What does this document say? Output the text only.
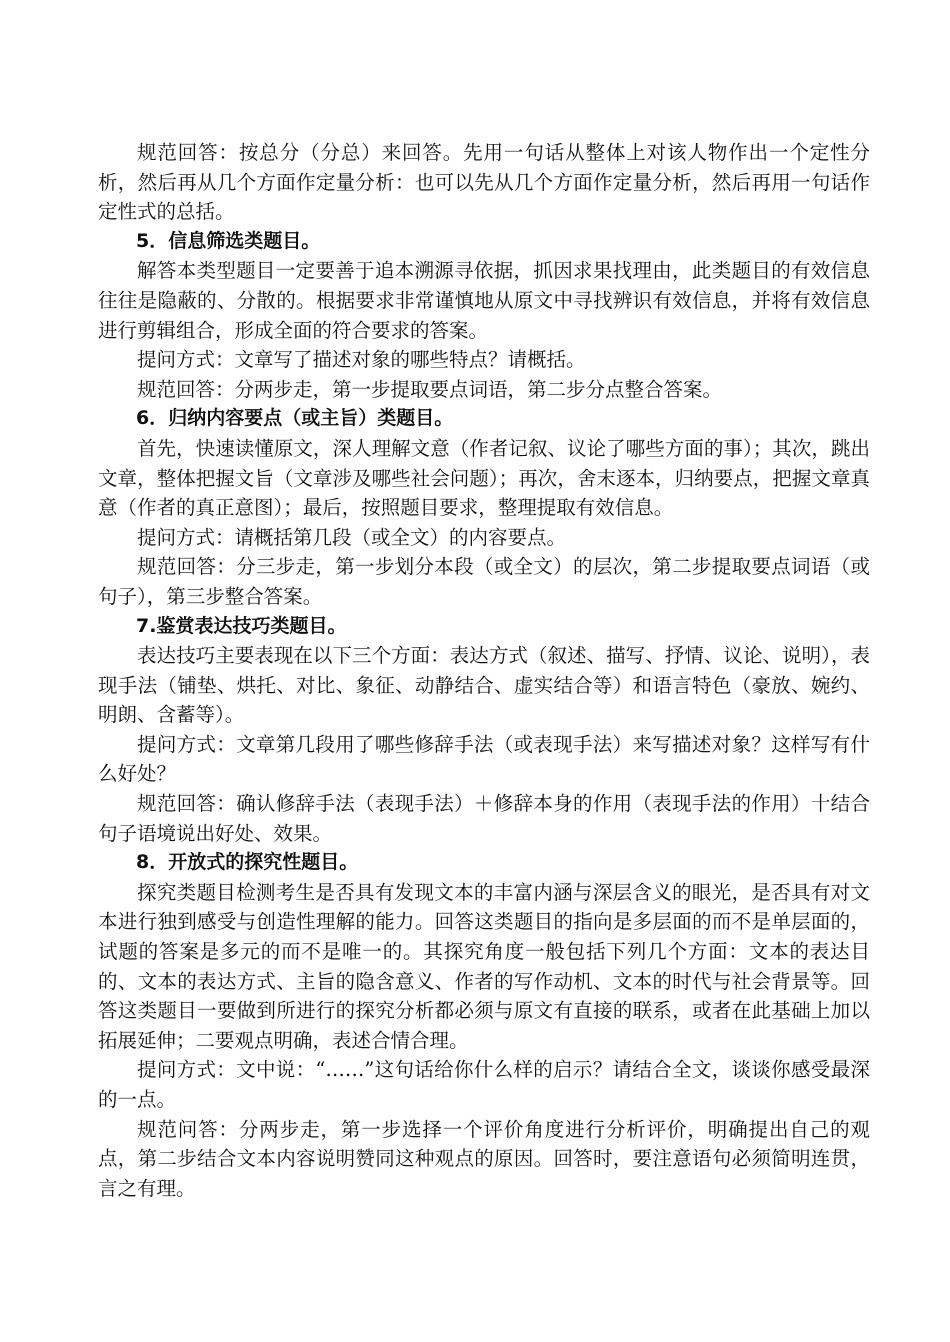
规范回答：按总分（分总）来回答。先用一句话从整体上对该人物作出一个定性分析，然后再从几个方面作定量分析：也可以先从几个方面作定量分析，然后再用一句话作定性式的总括。

5．信息筛选类题目。

解答本类型题目一定要善于追本溯源寻依据，抓因求果找理由，此类题目的有效信息往往是隐蔽的、分散的。根据要求非常谨慎地从原文中寻找辨识有效信息，并将有效信息进行剪辑组合，形成全面的符合要求的答案。

提问方式：文章写了描述对象的哪些特点？请概括。

规范回答：分两步走，第一步提取要点词语，第二步分点整合答案。

6．归纳内容要点（或主旨）类题目。

首先，快速读懂原文，深人理解文意（作者记叙、议论了哪些方面的事）；其次，跳出文章，整体把握文旨（文章涉及哪些社会问题）；再次，舍末逐本，归纳要点，把握文章真意（作者的真正意图）；最后，按照题目要求，整理提取有效信息。

提问方式：请概括第几段（或全文）的内容要点。

规范回答：分三步走，第一步划分本段（或全文）的层次，第二步提取要点词语（或句子），第三步整合答案。

7.鉴赏表达技巧类题目。

表达技巧主要表现在以下三个方面：表达方式（叙述、描写、抒情、议论、说明），表现手法（铺垫、烘托、对比、象征、动静结合、虚实结合等）和语言特色（豪放、婉约、明朗、含蓄等）。

提问方式：文章第几段用了哪些修辞手法（或表现手法）来写描述对象？这样写有什么好处？

规范回答：确认修辞手法（表现手法）＋修辞本身的作用（表现手法的作用）十结合句子语境说出好处、效果。

8．开放式的探究性题目。

探究类题目检测考生是否具有发现文本的丰富内涵与深层含义的眼光，是否具有对文本进行独到感受与创造性理解的能力。回答这类题目的指向是多层面的而不是单层面的，试题的答案是多元的而不是唯一的。其探究角度一般包括下列几个方面：文本的表达目的、文本的表达方式、主旨的隐含意义、作者的写作动机、文本的时代与社会背景等。回答这类题目一要做到所进行的探究分析都必须与原文有直接的联系，或者在此基础上加以拓展延伸；二要观点明确，表述合情合理。

提问方式：文中说：“……”这句话给你什么样的启示？请结合全文，谈谈你感受最深的一点。

规范问答：分两步走，第一步选择一个评价角度进行分析评价，明确提出自己的观点，第二步结合文本内容说明赞同这种观点的原因。回答时，要注意语句必须简明连贯，言之有理。
